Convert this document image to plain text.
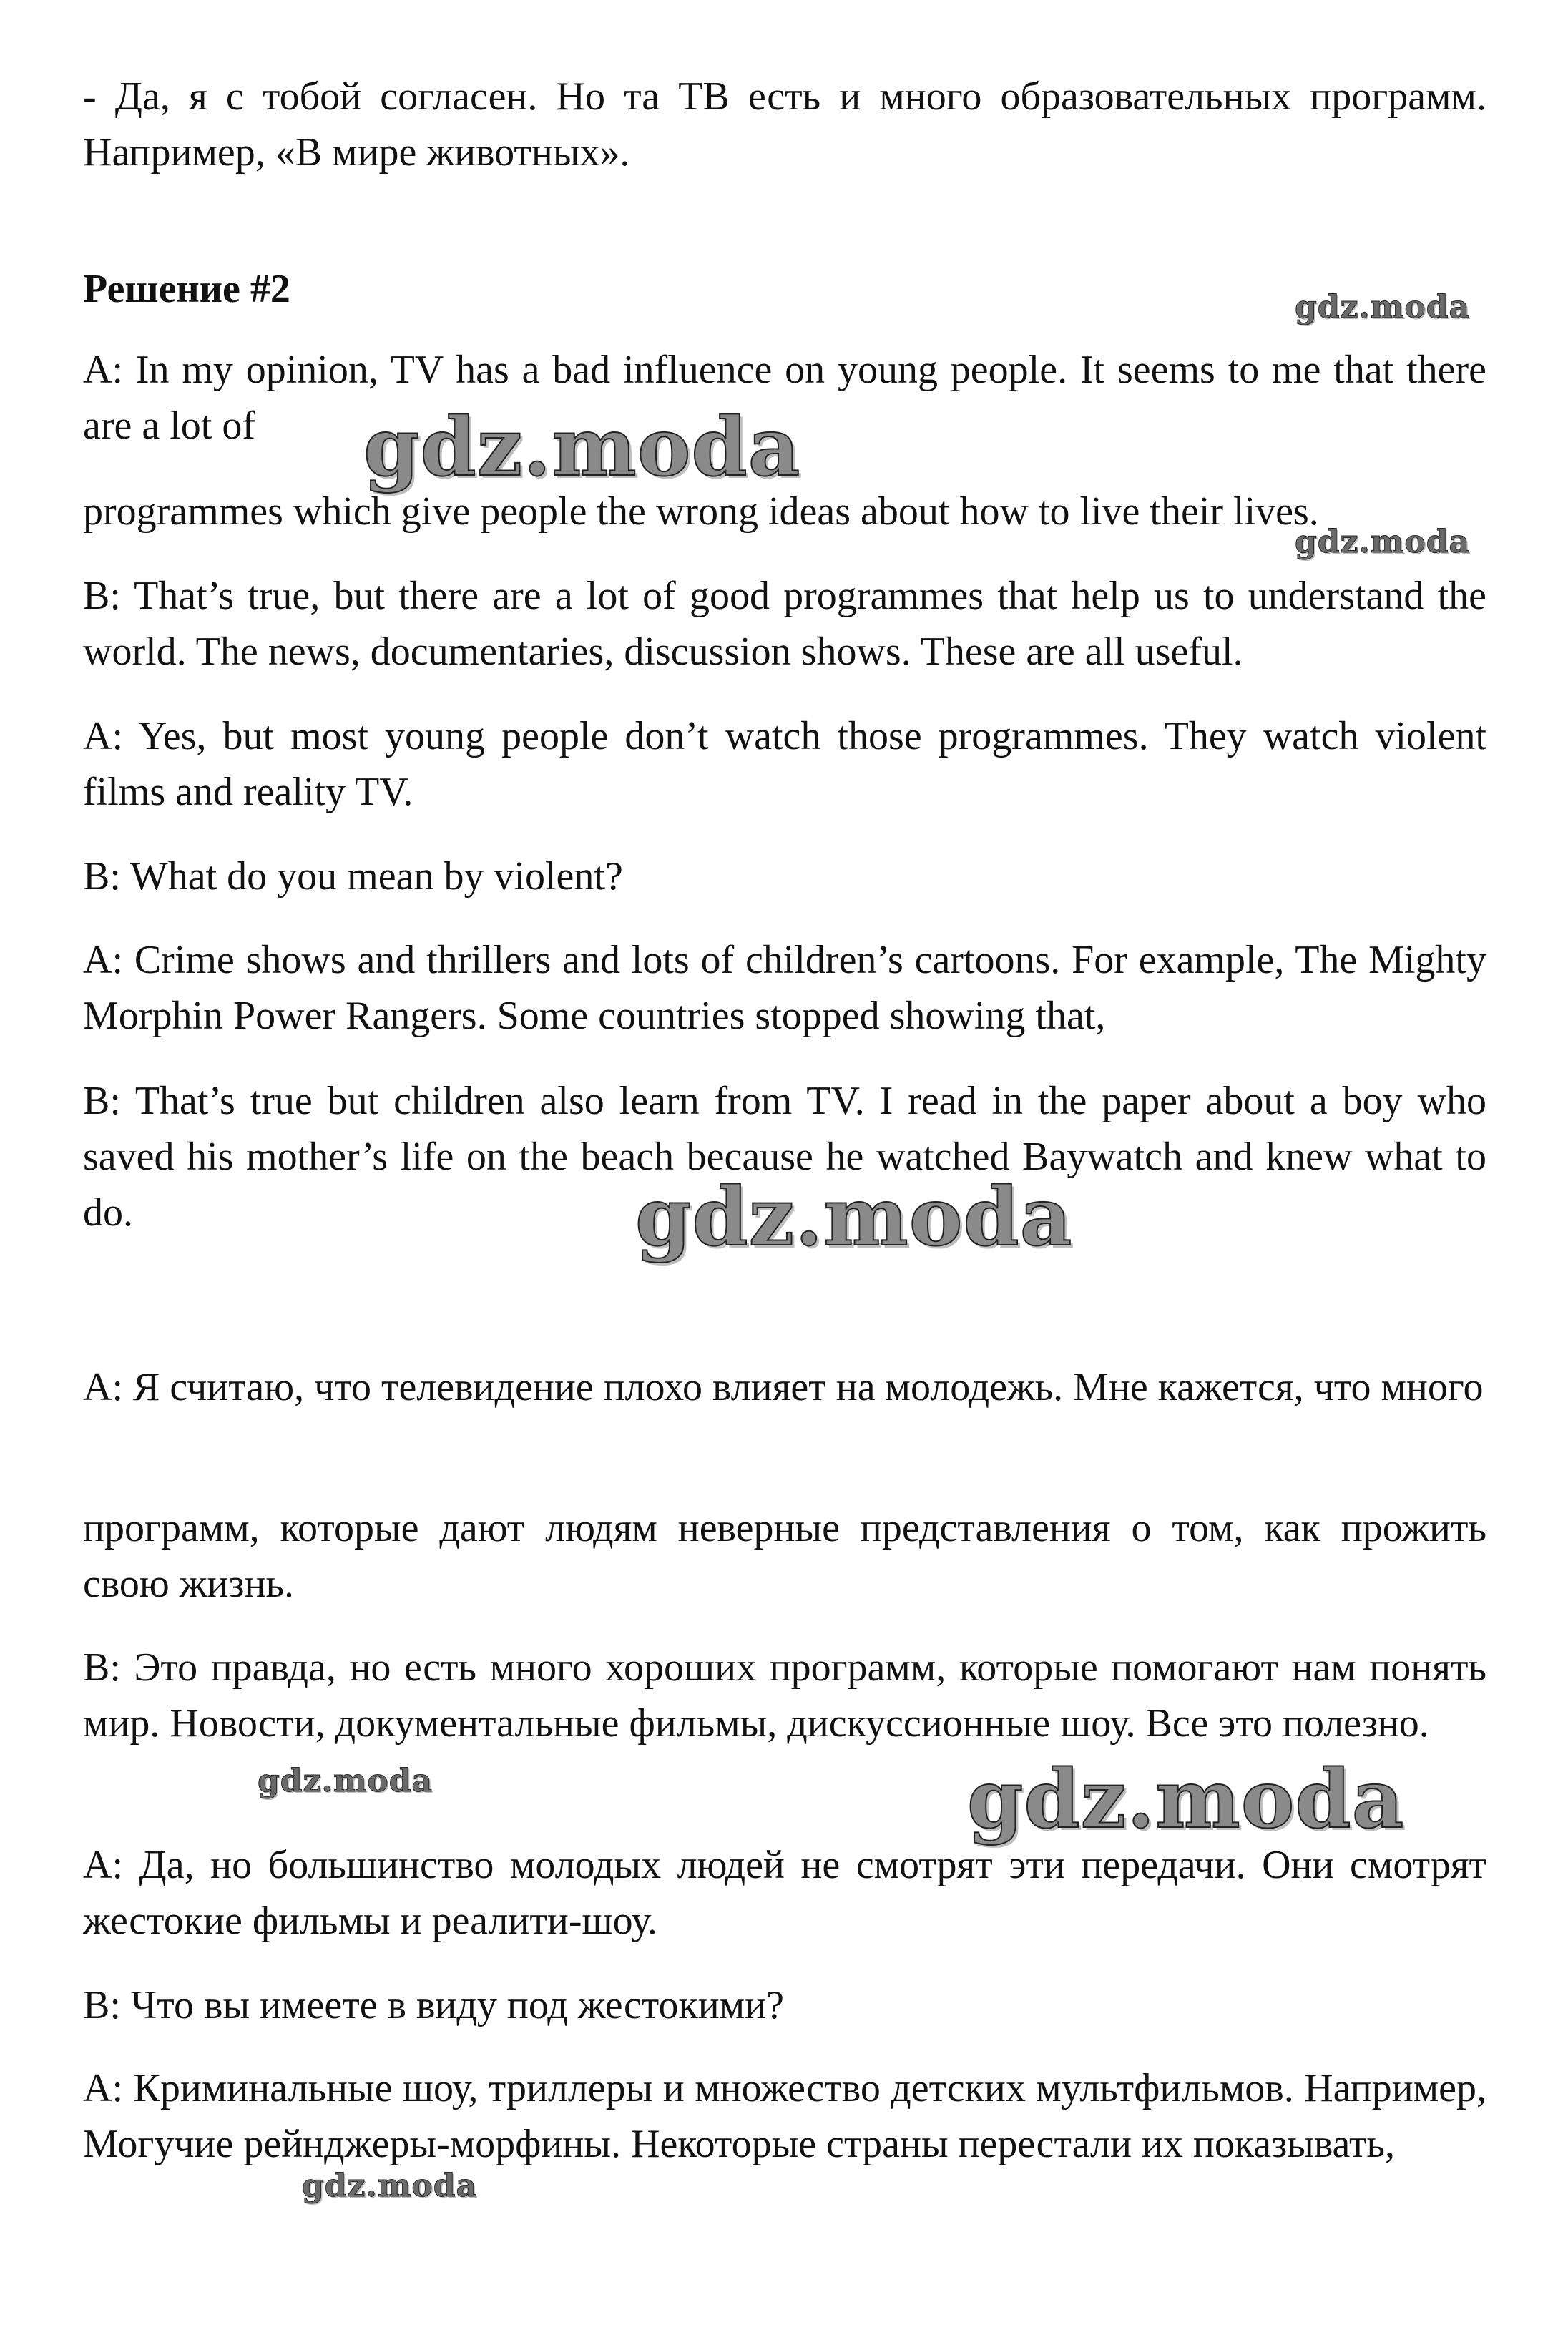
- Да, я с тобой согласен. Но та ТВ есть и много образовательных программ. Например, «В мире животных».

Решение #2

A: In my opinion, TV has a bad influence on young people. It seems to me that there are a lot of

programmes which give people the wrong ideas about how to live their lives.

B: That’s true, but there are a lot of good programmes that help us to understand the world. The news, documentaries, discussion shows. These are all useful.

A: Yes, but most young people don’t watch those programmes. They watch violent films and reality TV.

B: What do you mean by violent?

A: Crime shows and thrillers and lots of children’s cartoons. For example, The Mighty Morphin Power Rangers. Some countries stopped showing that,

B: That’s true but children also learn from TV. I read in the paper about a boy who saved his mother’s life on the beach because he watched Baywatch and knew what to do.

A: Я считаю, что телевидение плохо влияет на молодежь. Мне кажется, что много

программ, которые дают людям неверные представления о том, как прожить свою жизнь.

B: Это правда, но есть много хороших программ, которые помогают нам понять мир. Новости, документальные фильмы, дискуссионные шоу. Все это полезно.

A: Да, но большинство молодых людей не смотрят эти передачи. Они смотрят жестокие фильмы и реалити-шоу.

B: Что вы имеете в виду под жестокими?

A: Криминальные шоу, триллеры и множество детских мультфильмов. Например, Могучие рейнджеры-морфины. Некоторые страны перестали их показывать,

gdz.moda
gdz.moda
gdz.moda
gdz.moda
gdz.moda	gdz.moda
gdz.moda
